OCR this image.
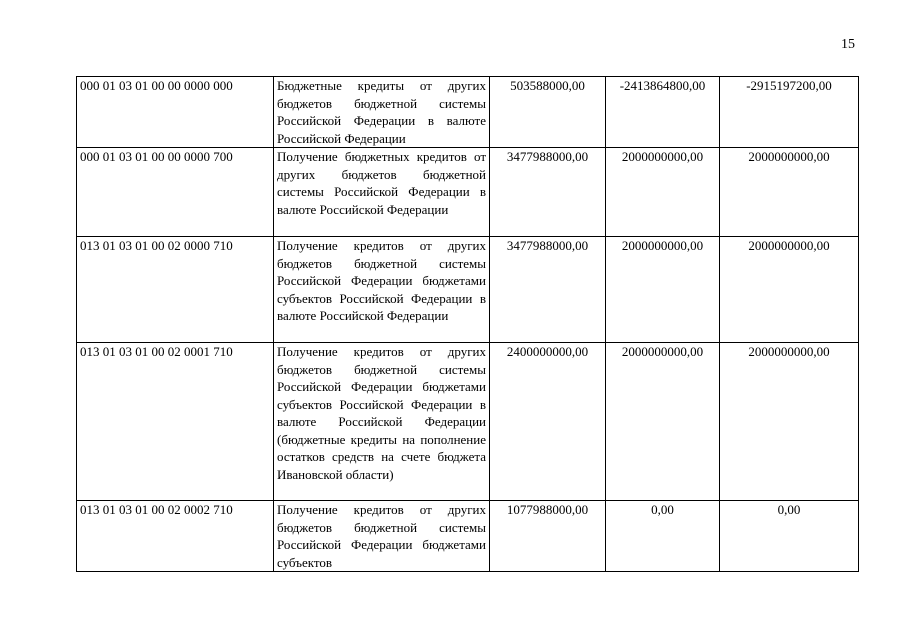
15
000 01 03 01 00 00 0000 000	Бюджетные кредиты от других бюджетов бюджетной системы Российской Федерации в валюте Российской Федерации	503588000,00	-2413864800,00	-2915197200,00
000 01 03 01 00 00 0000 700	Получение бюджетных кредитов от других бюджетов бюджетной системы Российской Федерации в валюте Российской Федерации	3477988000,00	2000000000,00	2000000000,00
013 01 03 01 00 02 0000 710	Получение кредитов от других бюджетов бюджетной системы Российской Федерации бюджетами субъектов Российской Федерации в валюте Российской Федерации	3477988000,00	2000000000,00	2000000000,00
013 01 03 01 00 02 0001 710	Получение кредитов от других бюджетов бюджетной системы Российской Федерации бюджетами субъектов Российской Федерации в валюте Российской Федерации (бюджетные кредиты на пополнение остатков средств на счете бюджета Ивановской области)	2400000000,00	2000000000,00	2000000000,00
013 01 03 01 00 02 0002 710	Получение кредитов от других бюджетов бюджетной системы Российской Федерации бюджетами субъектов	1077988000,00	0,00	0,00
